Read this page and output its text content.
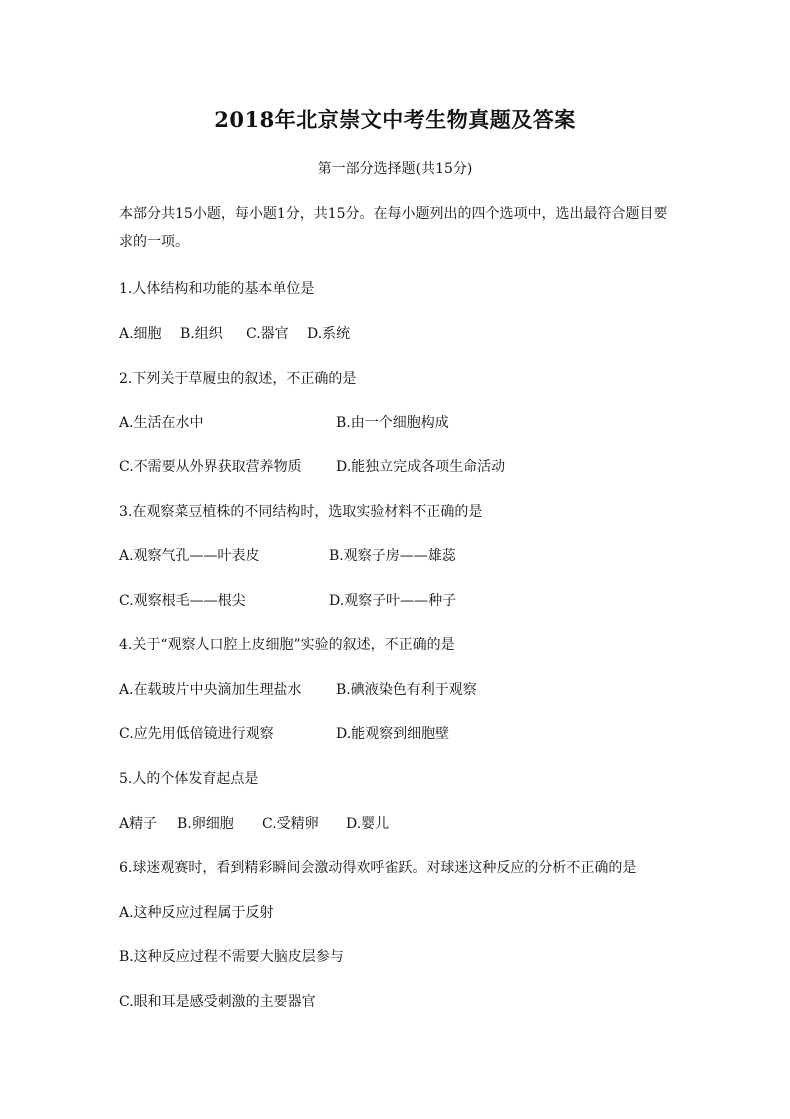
2018年北京崇文中考生物真题及答案
第一部分选择题(共15分)
本部分共15小题，每小题1分，共15分。在每小题列出的四个选项中，选出最符合题目要求的一项。
1.人体结构和功能的基本单位是
A.细胞 B.组织 C.器官 D.系统
2.下列关于草履虫的叙述，不正确的是
A.生活在水中	B.由一个细胞构成
C.不需要从外界获取营养物质 D.能独立完成各项生命活动
3.在观察菜豆植株的不同结构时，选取实验材料不正确的是
A.观察气孔——叶表皮	B.观察子房——雄蕊
C.观察根毛——根尖	D.观察子叶——种子
4.关于“观察人口腔上皮细胞”实验的叙述，不正确的是
A.在载玻片中央滴加生理盐水 B.碘液染色有利于观察
C.应先用低倍镜进行观察	D.能观察到细胞壁
5.人的个体发育起点是
A精子 B.卵细胞 C.受精卵 D.婴儿
6.球迷观赛时，看到精彩瞬间会激动得欢呼雀跃。对球迷这种反应的分析不正确的是
A.这种反应过程属于反射
B.这种反应过程不需要大脑皮层参与
C.眼和耳是感受刺激的主要器官
